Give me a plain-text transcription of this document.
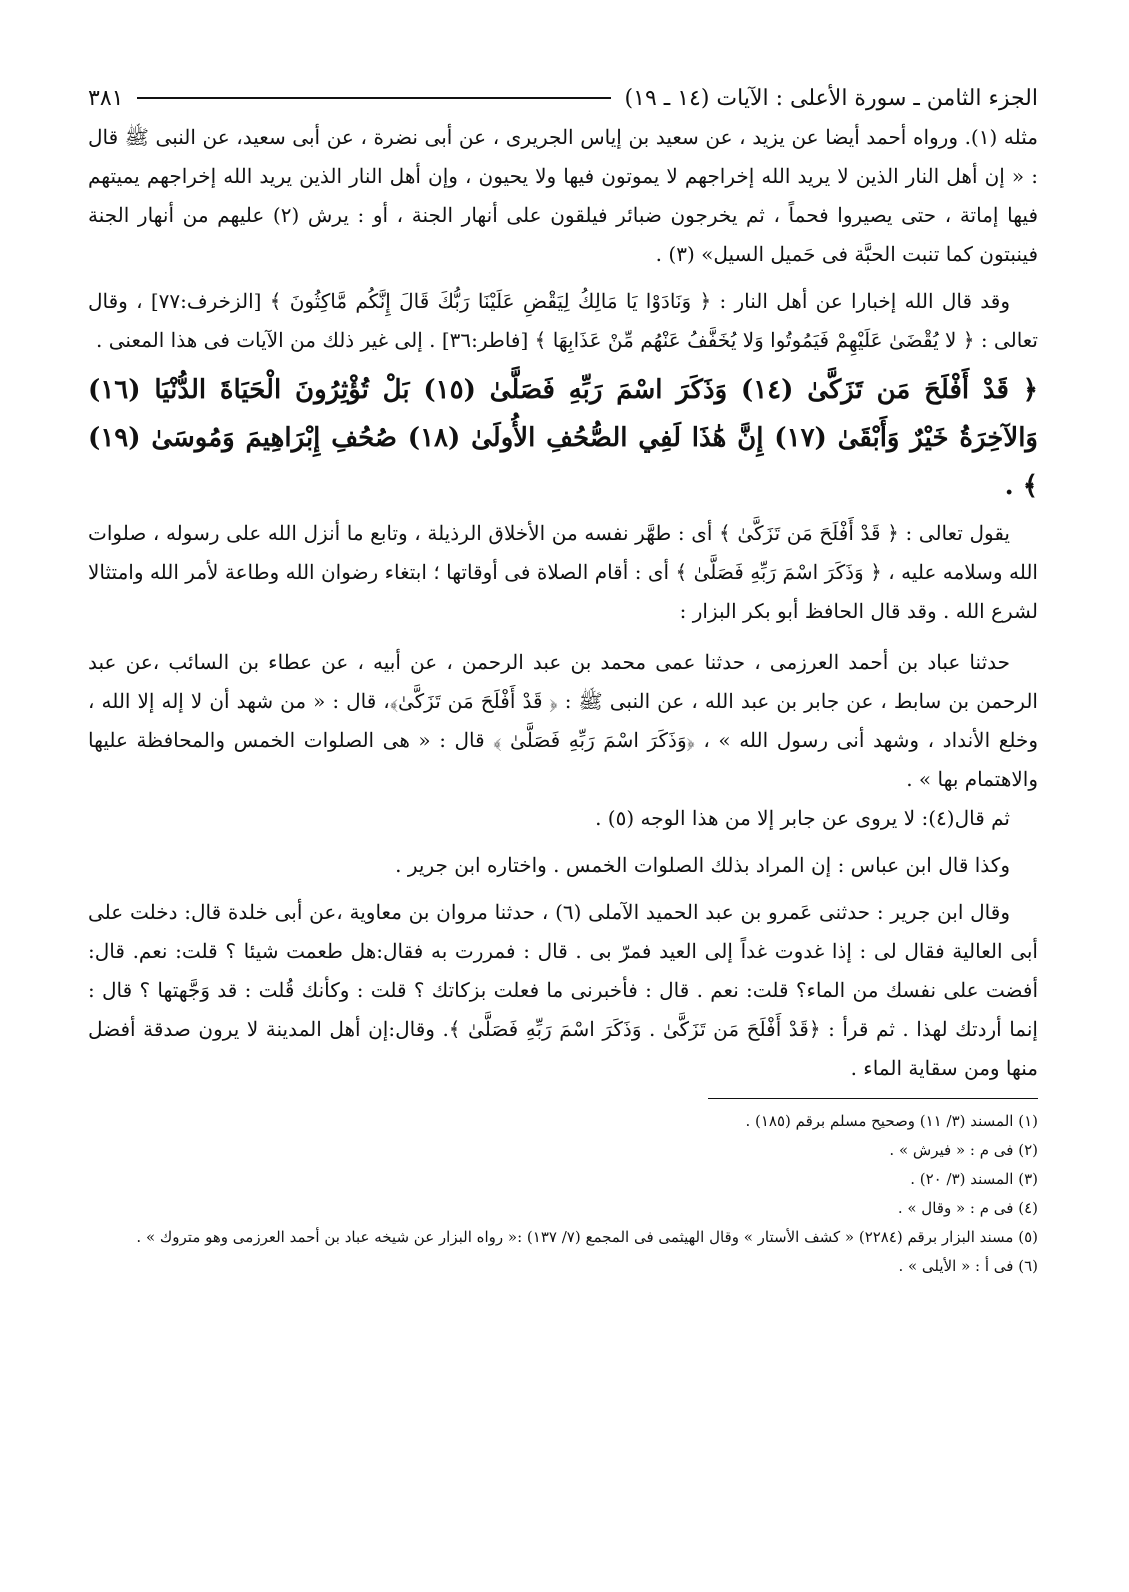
الجزء الثامن ـ سورة الأعلى : الآيات (١٤ ـ ١٩)
٣٨١

مثله (١). ورواه أحمد أيضا عن يزيد ، عن سعيد بن إياس الجريرى ، عن أبى نضرة ، عن أبى سعيد، عن النبى ﷺ قال : « إن أهل النار الذين لا يريد الله إخراجهم لا يموتون فيها ولا يحيون ، وإن أهل النار الذين يريد الله إخراجهم يميتهم فيها إماتة ، حتى يصيروا فحماً ، ثم يخرجون ضبائر فيلقون على أنهار الجنة ، أو : يرش (٢) عليهم من أنهار الجنة فينبتون كما تنبت الحبَّة فى حَميل السيل» (٣) .

وقد قال الله إخبارا عن أهل النار : ﴿ وَنَادَوْا يَا مَالِكُ لِيَقْضِ عَلَيْنَا رَبُّكَ قَالَ إِنَّكُم مَّاكِثُونَ ﴾ [الزخرف:٧٧] ، وقال تعالى : ﴿ لا يُقْضَىٰ عَلَيْهِمْ فَيَمُوتُوا وَلا يُخَفَّفُ عَنْهُم مِّنْ عَذَابِهَا ﴾ [فاطر:٣٦] . إلى غير ذلك من الآيات فى هذا المعنى .

﴿ قَدْ أَفْلَحَ مَن تَزَكَّىٰ (١٤) وَذَكَرَ اسْمَ رَبِّهِ فَصَلَّىٰ (١٥) بَلْ تُؤْثِرُونَ الْحَيَاةَ الدُّنْيَا (١٦) وَالآخِرَةُ خَيْرٌ وَأَبْقَىٰ (١٧) إِنَّ هَٰذَا لَفِي الصُّحُفِ الأُولَىٰ (١٨) صُحُفِ إِبْرَاهِيمَ وَمُوسَىٰ (١٩) ﴾ .

يقول تعالى : ﴿ قَدْ أَفْلَحَ مَن تَزَكَّىٰ ﴾ أى : طهَّر نفسه من الأخلاق الرذيلة ، وتابع ما أنزل الله على رسوله ، صلوات الله وسلامه عليه ، ﴿ وَذَكَرَ اسْمَ رَبِّهِ فَصَلَّىٰ ﴾ أى : أقام الصلاة فى أوقاتها ؛ ابتغاء رضوان الله وطاعة لأمر الله وامتثالا لشرع الله . وقد قال الحافظ أبو بكر البزار :

حدثنا عباد بن أحمد العرزمى ، حدثنا عمى محمد بن عبد الرحمن ، عن أبيه ، عن عطاء بن السائب ،عن عبد الرحمن بن سابط ، عن جابر بن عبد الله ، عن النبى ﷺ : ﴿ قَدْ أَفْلَحَ مَن تَزَكَّىٰ﴾، قال : « من شهد أن لا إله إلا الله ، وخلع الأنداد ، وشهد أنى رسول الله » ، ﴿وَذَكَرَ اسْمَ رَبِّهِ فَصَلَّىٰ ﴾ قال : « هى الصلوات الخمس والمحافظة عليها والاهتمام بها » .

ثم قال(٤): لا يروى عن جابر إلا من هذا الوجه (٥) .

وكذا قال ابن عباس : إن المراد بذلك الصلوات الخمس . واختاره ابن جرير .

وقال ابن جرير : حدثنى عَمرو بن عبد الحميد الآملى (٦) ، حدثنا مروان بن معاوية ،عن أبى خلدة قال: دخلت على أبى العالية فقال لى : إذا غدوت غداً إلى العيد فمرّ بى . قال : فمررت به فقال:هل طعمت شيئا ؟ قلت: نعم. قال: أفضت على نفسك من الماء؟ قلت: نعم . قال : فأخبرنى ما فعلت بزكاتك ؟ قلت : وكأنك قُلت : قد وَجَّهتها ؟ قال : إنما أردتك لهذا . ثم قرأ : ﴿قَدْ أَفْلَحَ مَن تَزَكَّىٰ . وَذَكَرَ اسْمَ رَبِّهِ فَصَلَّىٰ ﴾. وقال:إن أهل المدينة لا يرون صدقة أفضل منها ومن سقاية الماء .

(١) المسند (٣/ ١١) وصحيح مسلم برقم (١٨٥) .

(٢) فى م : « فيرش » .

(٣) المسند (٣/ ٢٠) .

(٤) فى م : « وقال » .

(٥) مسند البزار برقم (٢٢٨٤) « كشف الأستار » وقال الهيثمى فى المجمع (٧/ ١٣٧) :« رواه البزار عن شيخه عباد بن أحمد العرزمى وهو متروك » .

(٦) فى أ : « الأيلى » .
